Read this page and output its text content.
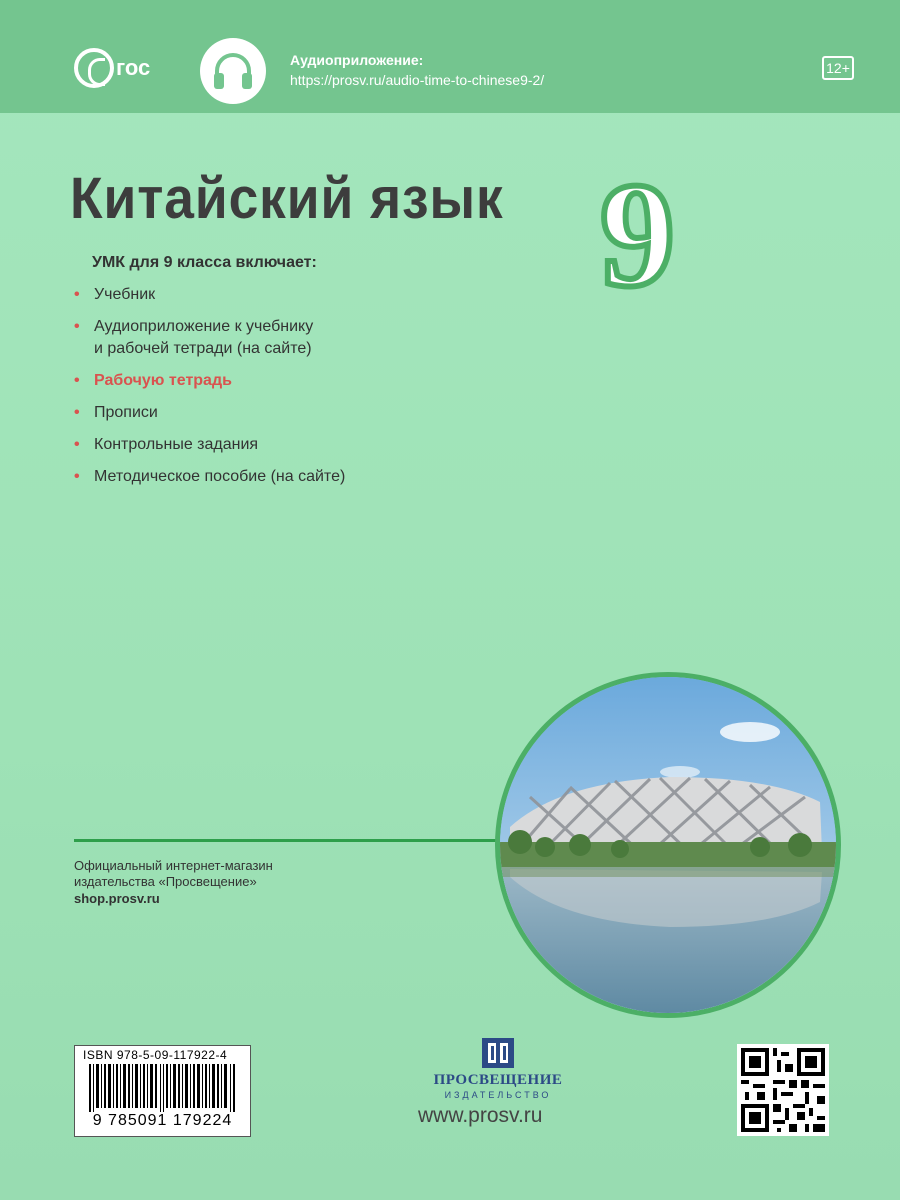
гос	Аудиоприложение:
https://prosv.ru/audio-time-to-chinese9-2/
12+
Китайский язык 9
УМК для 9 класса включает:
• Учебник
• Аудиоприложение к учебнику
и рабочей тетради (на сайте)
• Рабочую тетрадь
• Прописи
• Контрольные задания
• Методическое пособие (на сайте)
Официальный интернет-магазин
издательства «Просвещение»
shop.prosv.ru
ISBN 978-5-09-117922-4
9 785091 179224
ПРОСВЕЩЕНИЕ
ИЗДАТЕЛЬСТВО
www.prosv.ru
